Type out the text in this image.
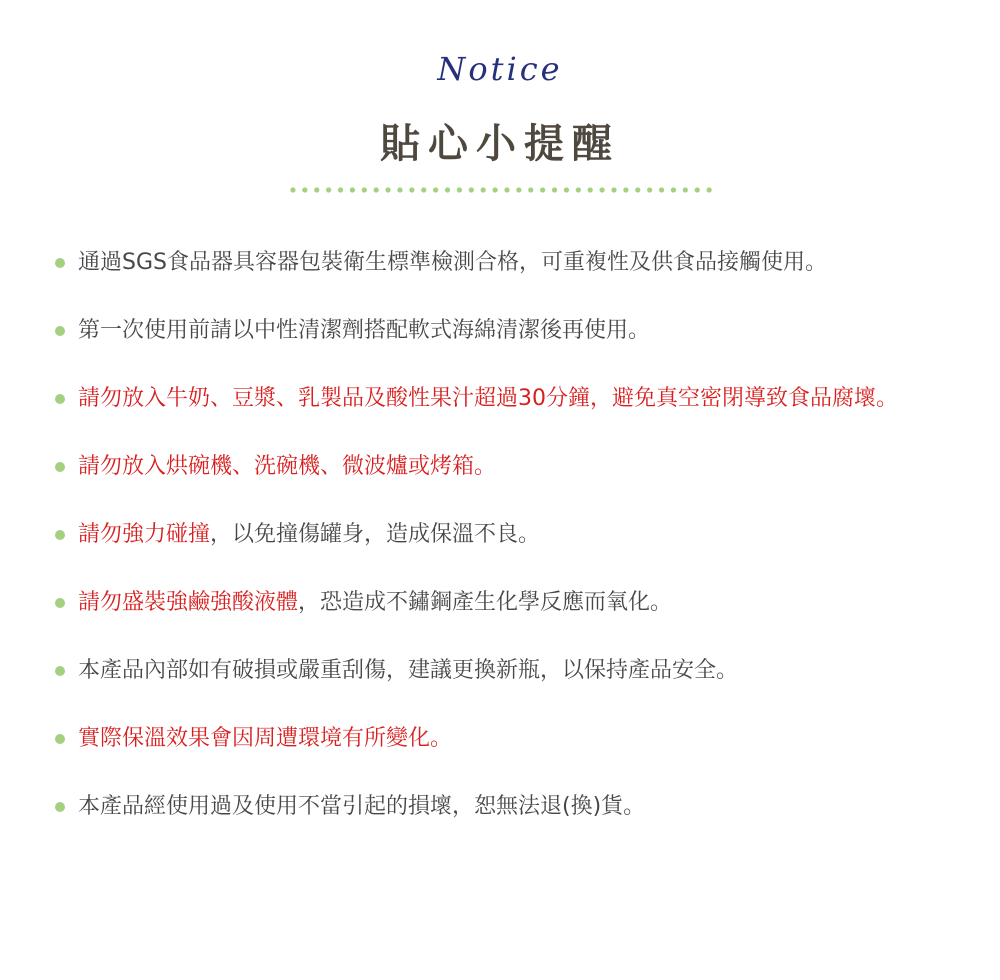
Notice
貼心小提醒
通過SGS食品器具容器包裝衛生標準檢測合格，可重複性及供食品接觸使用。
第一次使用前請以中性清潔劑搭配軟式海綿清潔後再使用。
請勿放入牛奶、豆漿、乳製品及酸性果汁超過30分鐘，避免真空密閉導致食品腐壞。
請勿放入烘碗機、洗碗機、微波爐或烤箱。
請勿強力碰撞，以免撞傷罐身，造成保溫不良。
請勿盛裝強鹼強酸液體，恐造成不鏽鋼產生化學反應而氧化。
本產品內部如有破損或嚴重刮傷，建議更換新瓶，以保持產品安全。
實際保溫效果會因周遭環境有所變化。
本產品經使用過及使用不當引起的損壞，恕無法退(換)貨。
